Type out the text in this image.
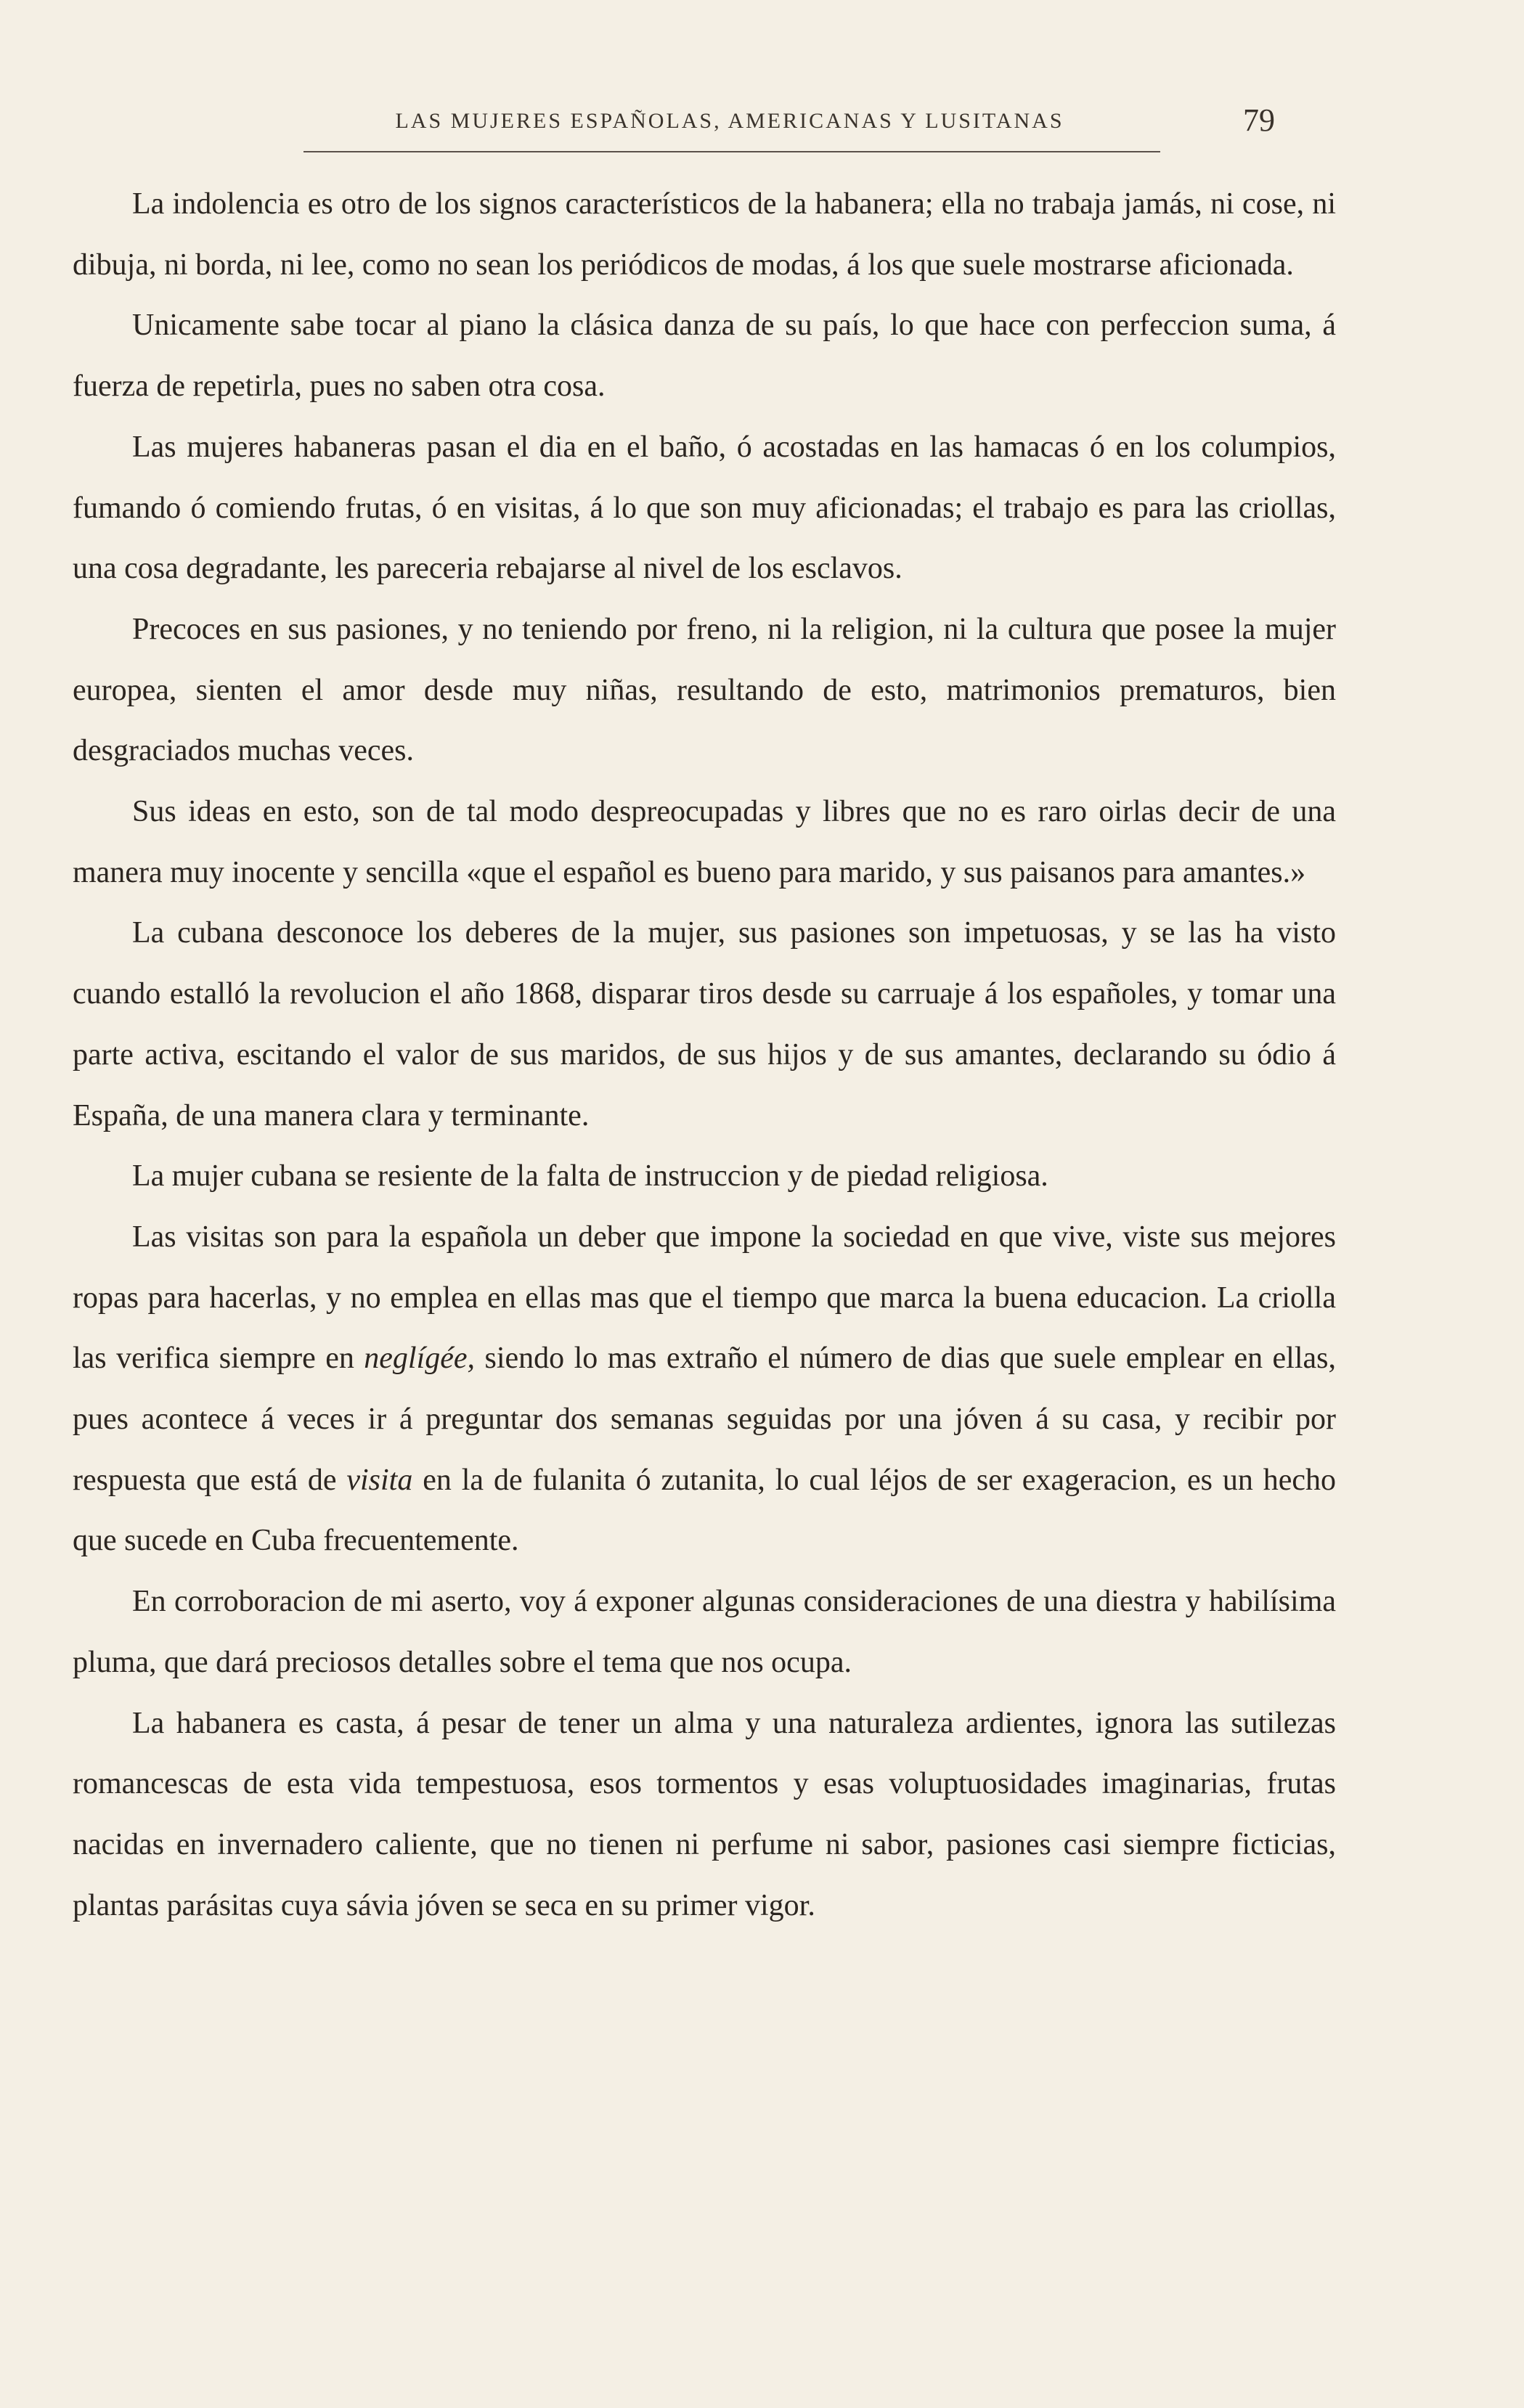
LAS MUJERES ESPAÑOLAS, AMERICANAS Y LUSITANAS	79

La indolencia es otro de los signos característicos de la habanera; ella no trabaja jamás, ni cose, ni dibuja, ni borda, ni lee, como no sean los periódicos de modas, á los que suele mostrarse aficionada.

Unicamente sabe tocar al piano la clásica danza de su país, lo que hace con perfeccion suma, á fuerza de repetirla, pues no saben otra cosa.

Las mujeres habaneras pasan el dia en el baño, ó acostadas en las hamacas ó en los columpios, fumando ó comiendo frutas, ó en visitas, á lo que son muy aficionadas; el trabajo es para las criollas, una cosa degradante, les pareceria rebajarse al nivel de los esclavos.

Precoces en sus pasiones, y no teniendo por freno, ni la religion, ni la cultura que posee la mujer europea, sienten el amor desde muy niñas, resultando de esto, matrimonios prematuros, bien desgraciados muchas veces.

Sus ideas en esto, son de tal modo despreocupadas y libres que no es raro oirlas decir de una manera muy inocente y sencilla «que el español es bueno para marido, y sus paisanos para amantes.»

La cubana desconoce los deberes de la mujer, sus pasiones son impetuosas, y se las ha visto cuando estalló la revolucion el año 1868, disparar tiros desde su carruaje á los españoles, y tomar una parte activa, escitando el valor de sus maridos, de sus hijos y de sus amantes, declarando su ódio á España, de una manera clara y terminante.

La mujer cubana se resiente de la falta de instruccion y de piedad religiosa.

Las visitas son para la española un deber que impone la sociedad en que vive, viste sus mejores ropas para hacerlas, y no emplea en ellas mas que el tiempo que marca la buena educacion. La criolla las verifica siempre en neglígée, siendo lo mas extraño el número de dias que suele emplear en ellas, pues acontece á veces ir á preguntar dos semanas seguidas por una jóven á su casa, y recibir por respuesta que está de visita en la de fulanita ó zutanita, lo cual léjos de ser exageracion, es un hecho que sucede en Cuba frecuentemente.

En corroboracion de mi aserto, voy á exponer algunas consideraciones de una diestra y habilísima pluma, que dará preciosos detalles sobre el tema que nos ocupa.

La habanera es casta, á pesar de tener un alma y una naturaleza ardientes, ignora las sutilezas romancescas de esta vida tempestuosa, esos tormentos y esas voluptuosidades imaginarias, frutas nacidas en invernadero caliente, que no tienen ni perfume ni sabor, pasiones casi siempre ficticias, plantas parásitas cuya sávia jóven se seca en su primer vigor.
